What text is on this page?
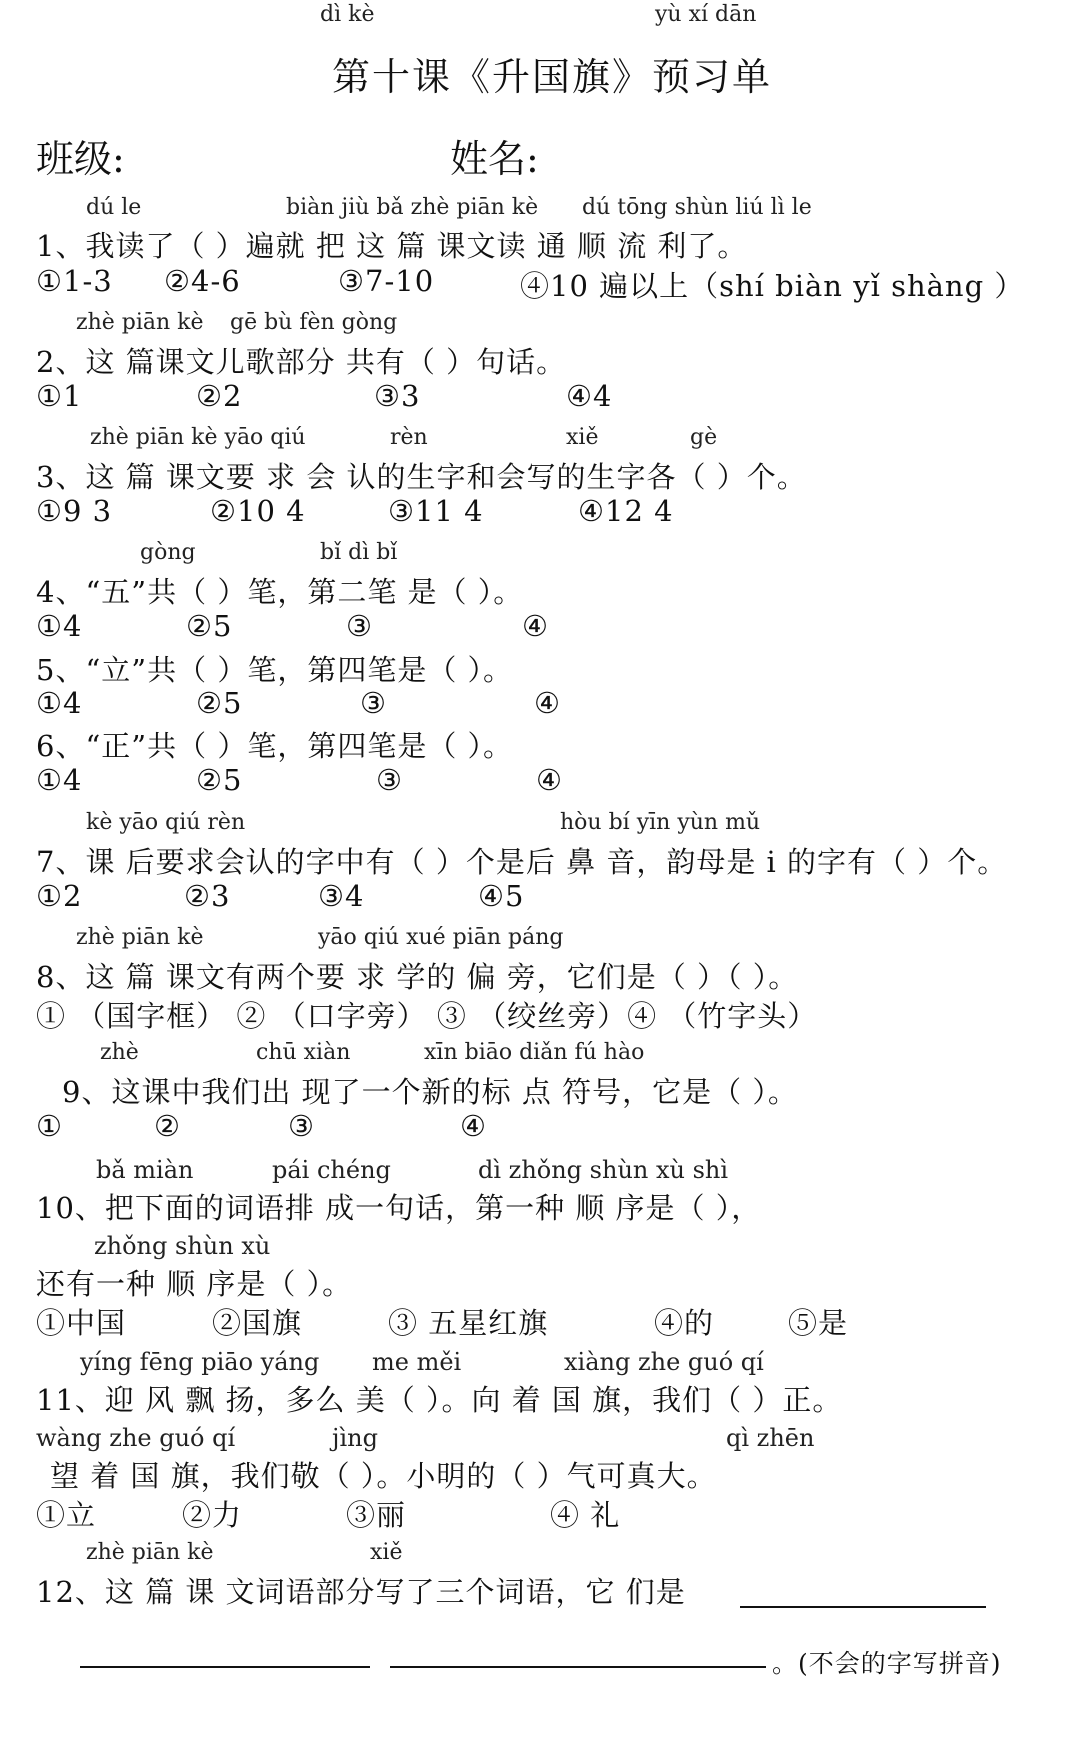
dì kè	yù xí dān
第十课《升国旗》预习单
班级:	姓名:
dú le	biàn jiù bǎ zhè piān kè dú tōng shùn liú lì le
1、我读了（ ）遍就 把 这 篇 课文读 通 顺 流 利了。
①1-3 ②4-6	③7-10	④10 遍以上（shí biàn yǐ shàng ）
zhè piān kè gē bù fèn gòng
2、这 篇课文儿歌部分 共有（ ）句话。
①1	②2	③3	④4
zhè piān kè yāo qiú	rèn	xiě	gè
3、这 篇 课文要 求 会 认的生字和会写的生字各（ ）个。
①9 3	②10 4	③11 4	④12 4
gòng	bǐ dì bǐ
4、“五”共（ ）笔，第二笔 是（ ）。
①4	②5	③	④
5、“立”共（ ）笔，第四笔是（ ）。
①4	②5	③	④
6、“正”共（ ）笔，第四笔是（ ）。
①4	②5	③	④
kè yāo qiú rèn	hòu bí yīn yùn mǔ
7、课 后要求会认的字中有（ ）个是后 鼻 音，韵母是 i 的字有（ ）个。
①2	②3	③4	④5
zhè piān kè	yāo qiú xué piān páng
8、这 篇 课文有两个要 求 学的 偏 旁，它们是（ ）（ ）。
① （国字框） ② （口字旁） ③ （绞丝旁）④ （竹字头）
zhè	chū xiàn	xīn biāo diǎn fú hào
9、这课中我们出 现了一个新的标 点 符号，它是（ ）。
①	②	③	④
bǎ miàn	pái chéng	dì zhǒng shùn xù shì
10、把下面的词语排 成一句话，第一种 顺 序是（ ），
zhǒng shùn xù
还有一种 顺 序是（ ）。
①中国	②国旗	③ 五星红旗	④的	⑤是
yíng fēng piāo yáng me měi	xiàng zhe guó qí
11、迎 风 飘 扬，多么 美（ ）。向 着 国 旗，我们（ ）正。
wàng zhe guó qí	jìng	qì zhēn
望 着 国 旗，我们敬（ ）。小明的（ ）气可真大。
①立	②力	③丽	④ 礼
zhè piān kè	xiě
12、这 篇 课 文词语部分写了三个词语，它 们是
。(不会的字写拼音)
